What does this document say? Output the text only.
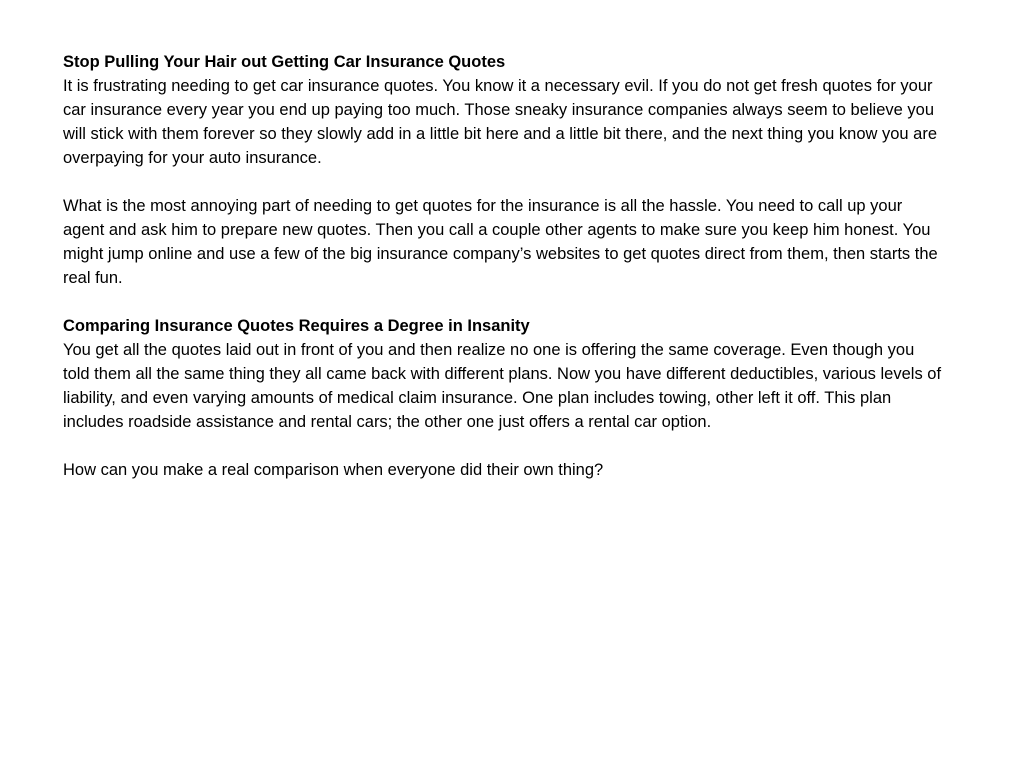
Stop Pulling Your Hair out Getting Car Insurance Quotes

It is frustrating needing to get car insurance quotes. You know it a necessary evil. If you do not get fresh quotes for your car insurance every year you end up paying too much. Those sneaky insurance companies always seem to believe you will stick with them forever so they slowly add in a little bit here and a little bit there, and the next thing you know you are overpaying for your auto insurance.

What is the most annoying part of needing to get quotes for the insurance is all the hassle. You need to call up your agent and ask him to prepare new quotes. Then you call a couple other agents to make sure you keep him honest. You might jump online and use a few of the big insurance company’s websites to get quotes direct from them, then starts the real fun.

Comparing Insurance Quotes Requires a Degree in Insanity

You get all the quotes laid out in front of you and then realize no one is offering the same coverage. Even though you told them all the same thing they all came back with different plans. Now you have different deductibles, various levels of liability, and even varying amounts of medical claim insurance. One plan includes towing, other left it off. This plan includes roadside assistance and rental cars; the other one just offers a rental car option.

How can you make a real comparison when everyone did their own thing?
